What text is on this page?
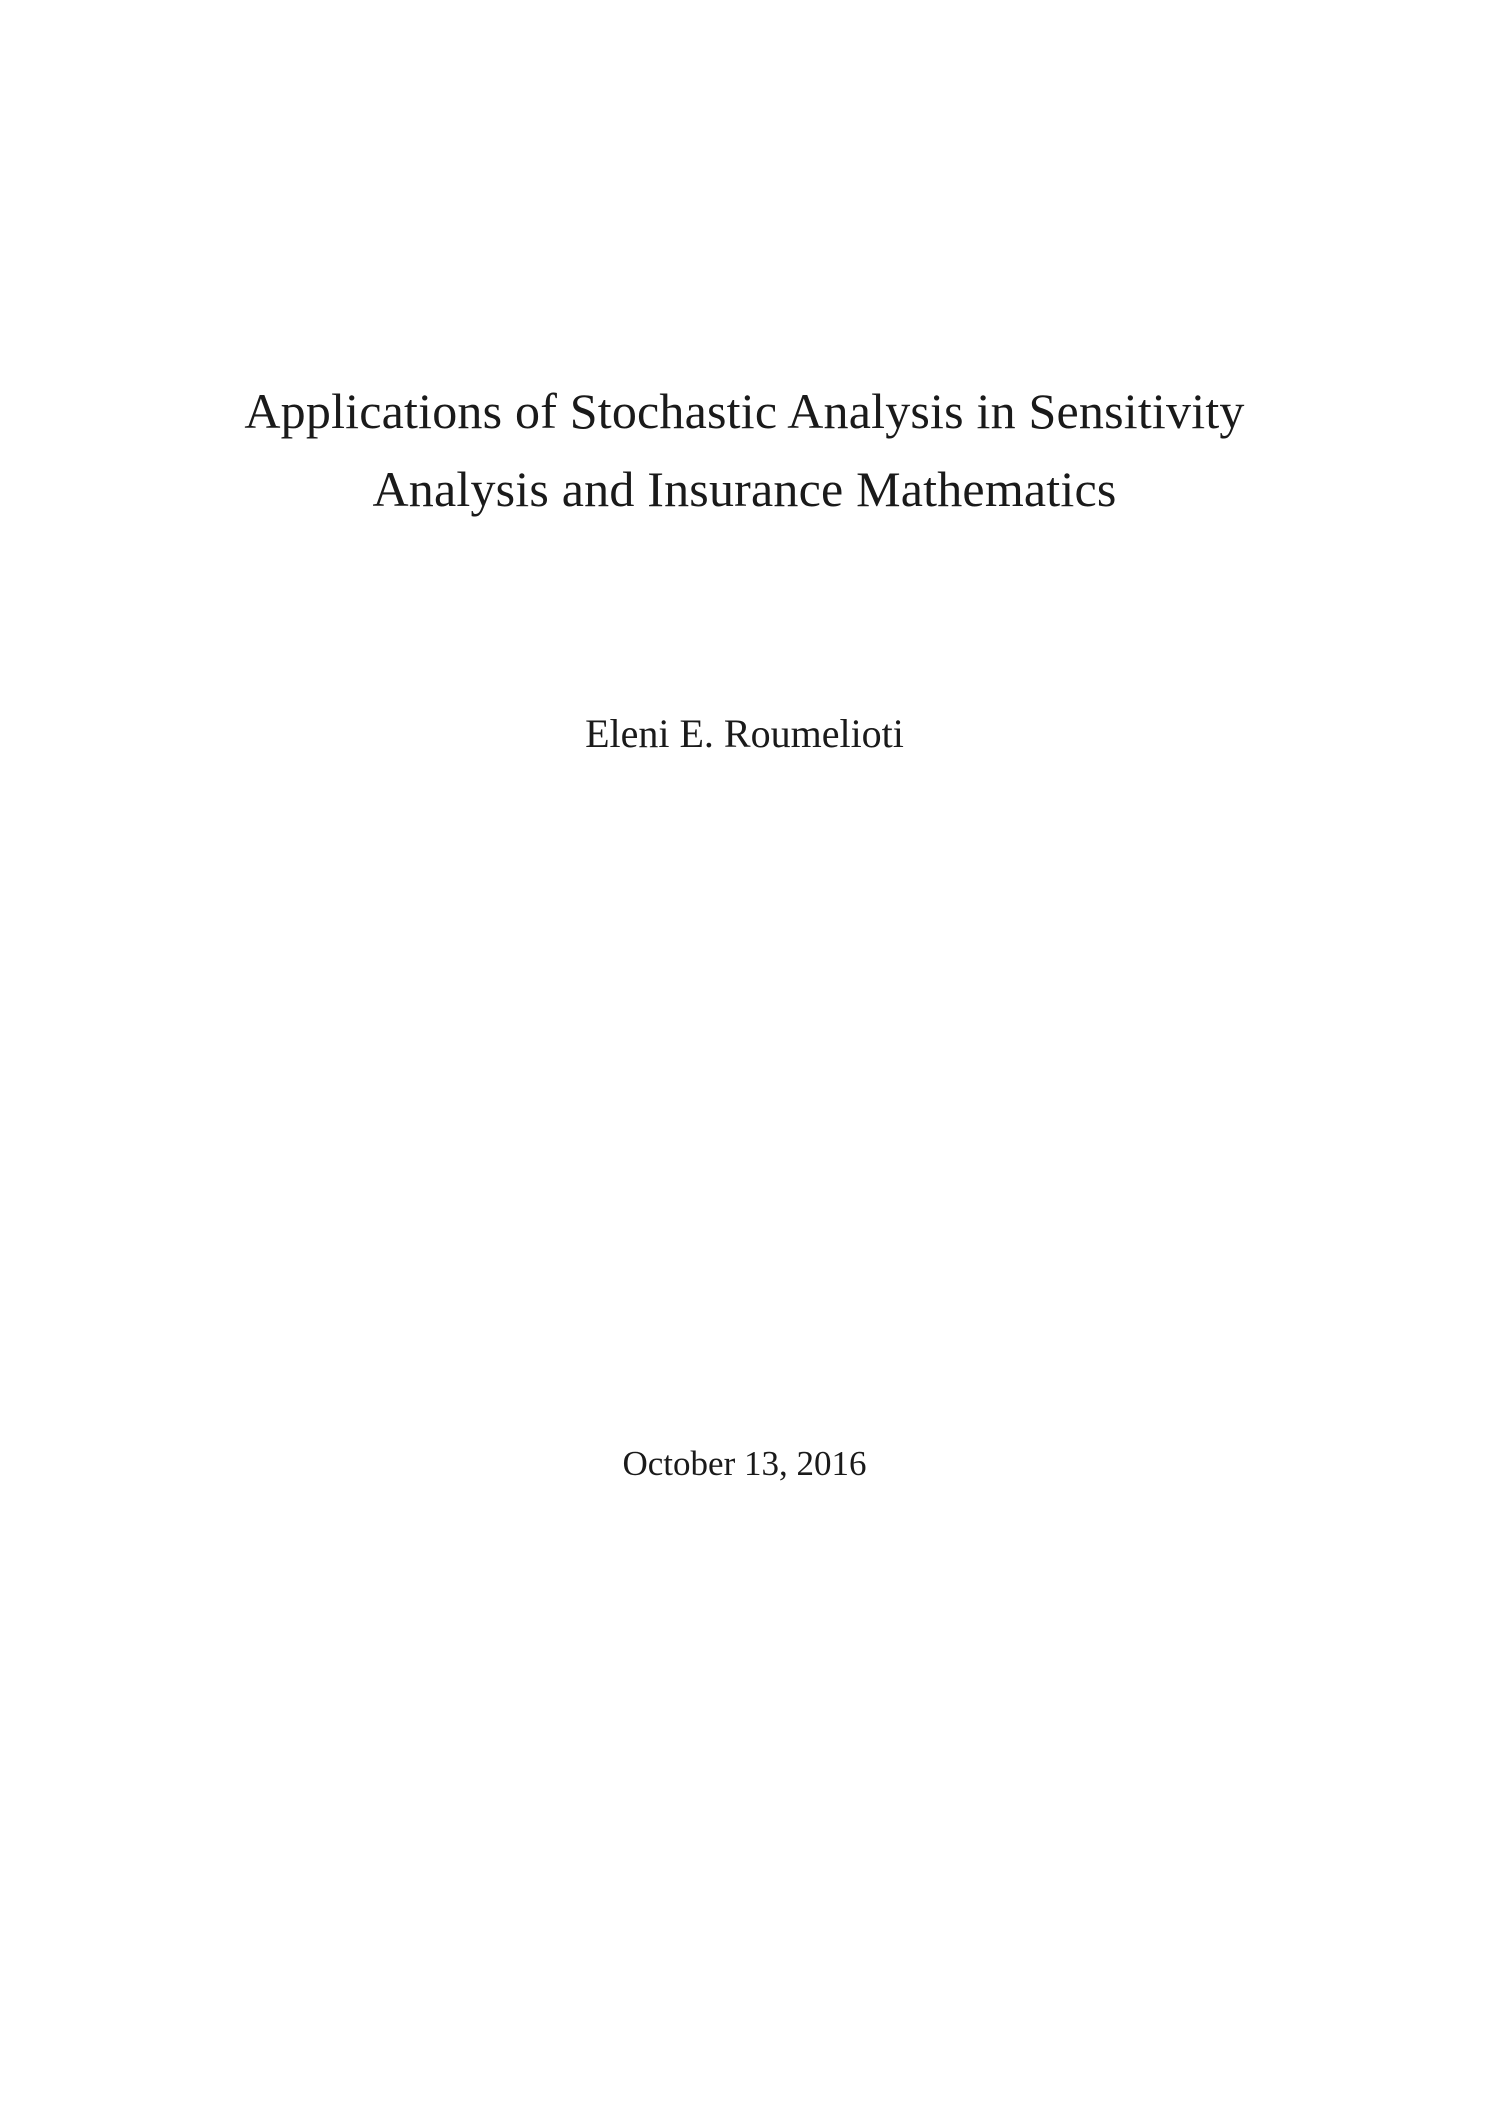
Applications of Stochastic Analysis in Sensitivity
Analysis and Insurance Mathematics
Eleni E. Roumelioti
October 13, 2016
